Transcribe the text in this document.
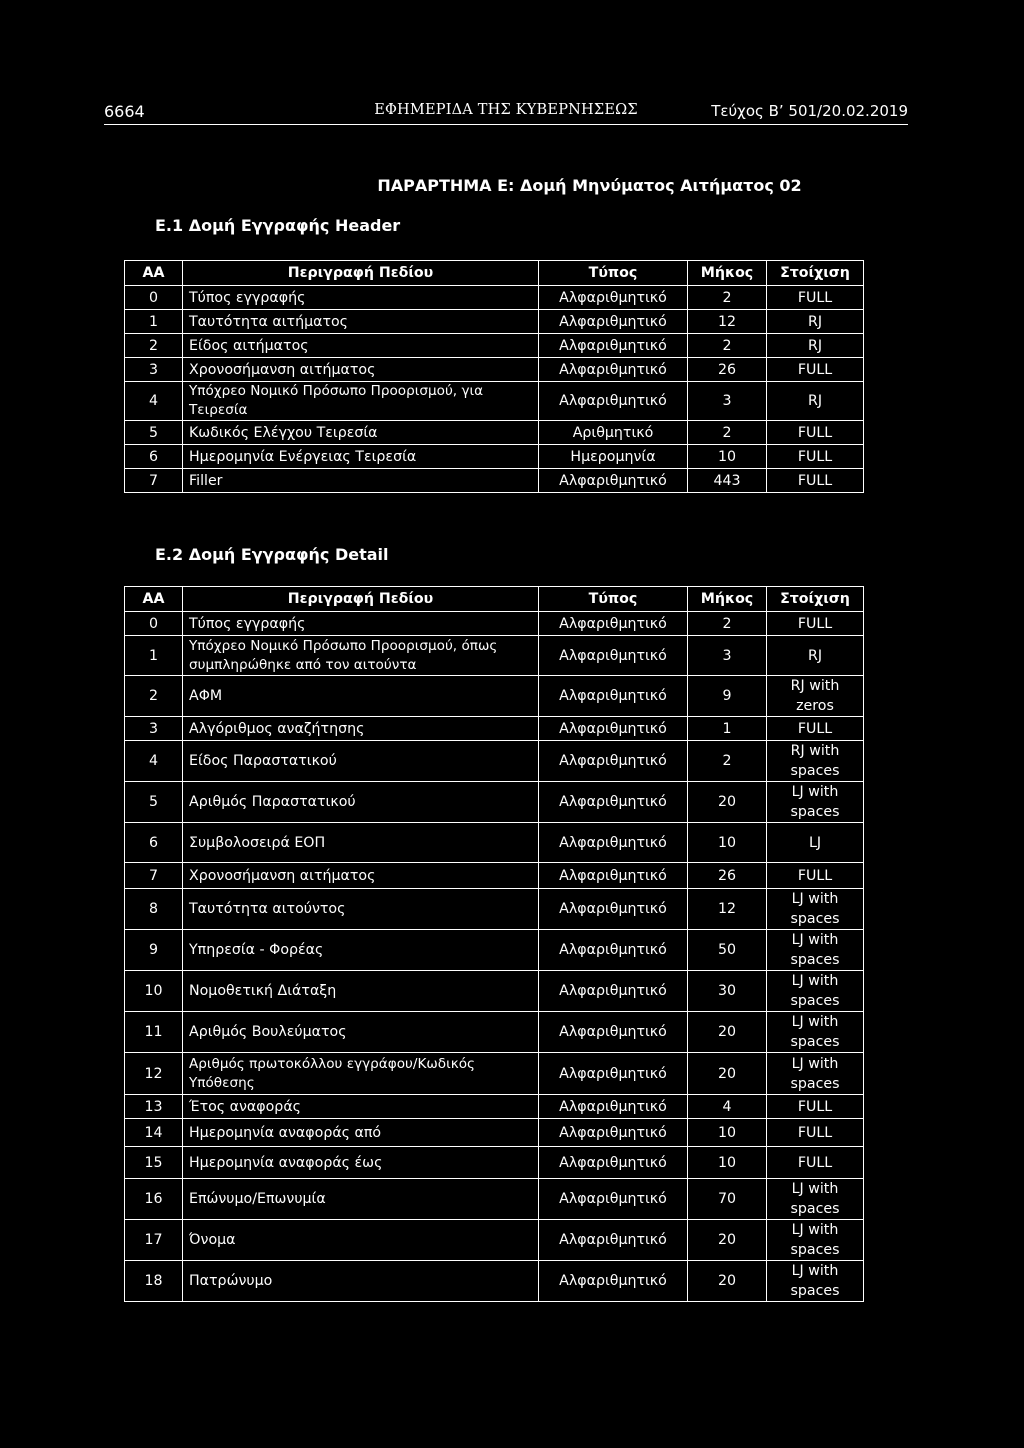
6664	ΕΦΗΜΕΡΙΔΑ ΤΗΣ ΚΥΒΕΡΝΗΣΕΩΣ	Τεύχος Β’ 501/20.02.2019
ΠΑΡΑΡΤΗΜΑ Ε: Δομή Μηνύματος Αιτήματος 02
Ε.1 Δομή Εγγραφής Header
ΑΑ	Περιγραφή Πεδίου	Τύπος	Μήκος	Στοίχιση
0	Τύπος εγγραφής	Αλφαριθμητικό	2	FULL
1	Ταυτότητα αιτήματος	Αλφαριθμητικό	12	RJ
2	Είδος αιτήματος	Αλφαριθμητικό	2	RJ
3	Χρονοσήμανση αιτήματος	Αλφαριθμητικό	26	FULL
4	Υπόχρεο Νομικό Πρόσωπο Προορισμού, για Τειρεσία	Αλφαριθμητικό	3	RJ
5	Κωδικός Ελέγχου Τειρεσία	Αριθμητικό	2	FULL
6	Ημερομηνία Ενέργειας Τειρεσία	Ημερομηνία	10	FULL
7	Filler	Αλφαριθμητικό	443	FULL
Ε.2 Δομή Εγγραφής Detail
ΑΑ	Περιγραφή Πεδίου	Τύπος	Μήκος	Στοίχιση
0	Τύπος εγγραφής	Αλφαριθμητικό	2	FULL
1	Υπόχρεο Νομικό Πρόσωπο Προορισμού, όπως συμπληρώθηκε από τον αιτούντα	Αλφαριθμητικό	3	RJ
2	ΑΦΜ	Αλφαριθμητικό	9	RJ with
zeros
3	Αλγόριθμος αναζήτησης	Αλφαριθμητικό	1	FULL
4	Είδος Παραστατικού	Αλφαριθμητικό	2	RJ with
spaces
5	Αριθμός Παραστατικού	Αλφαριθμητικό	20	LJ with
spaces
6	Συμβολοσειρά ΕΟΠ	Αλφαριθμητικό	10	LJ
7	Χρονοσήμανση αιτήματος	Αλφαριθμητικό	26	FULL
8	Ταυτότητα αιτούντος	Αλφαριθμητικό	12	LJ with
spaces
9	Υπηρεσία - Φορέας	Αλφαριθμητικό	50	LJ with
spaces
10	Νομοθετική Διάταξη	Αλφαριθμητικό	30	LJ with
spaces
11	Αριθμός Βουλεύματος	Αλφαριθμητικό	20	LJ with
spaces
12	Αριθμός πρωτοκόλλου εγγράφου/Κωδικός Υπόθεσης	Αλφαριθμητικό	20	LJ with
spaces
13	Έτος αναφοράς	Αλφαριθμητικό	4	FULL
14	Ημερομηνία αναφοράς από	Αλφαριθμητικό	10	FULL
15	Ημερομηνία αναφοράς έως	Αλφαριθμητικό	10	FULL
16	Επώνυμο/Επωνυμία	Αλφαριθμητικό	70	LJ with
spaces
17	Όνομα	Αλφαριθμητικό	20	LJ with
spaces
18	Πατρώνυμο	Αλφαριθμητικό	20	LJ with
spaces
